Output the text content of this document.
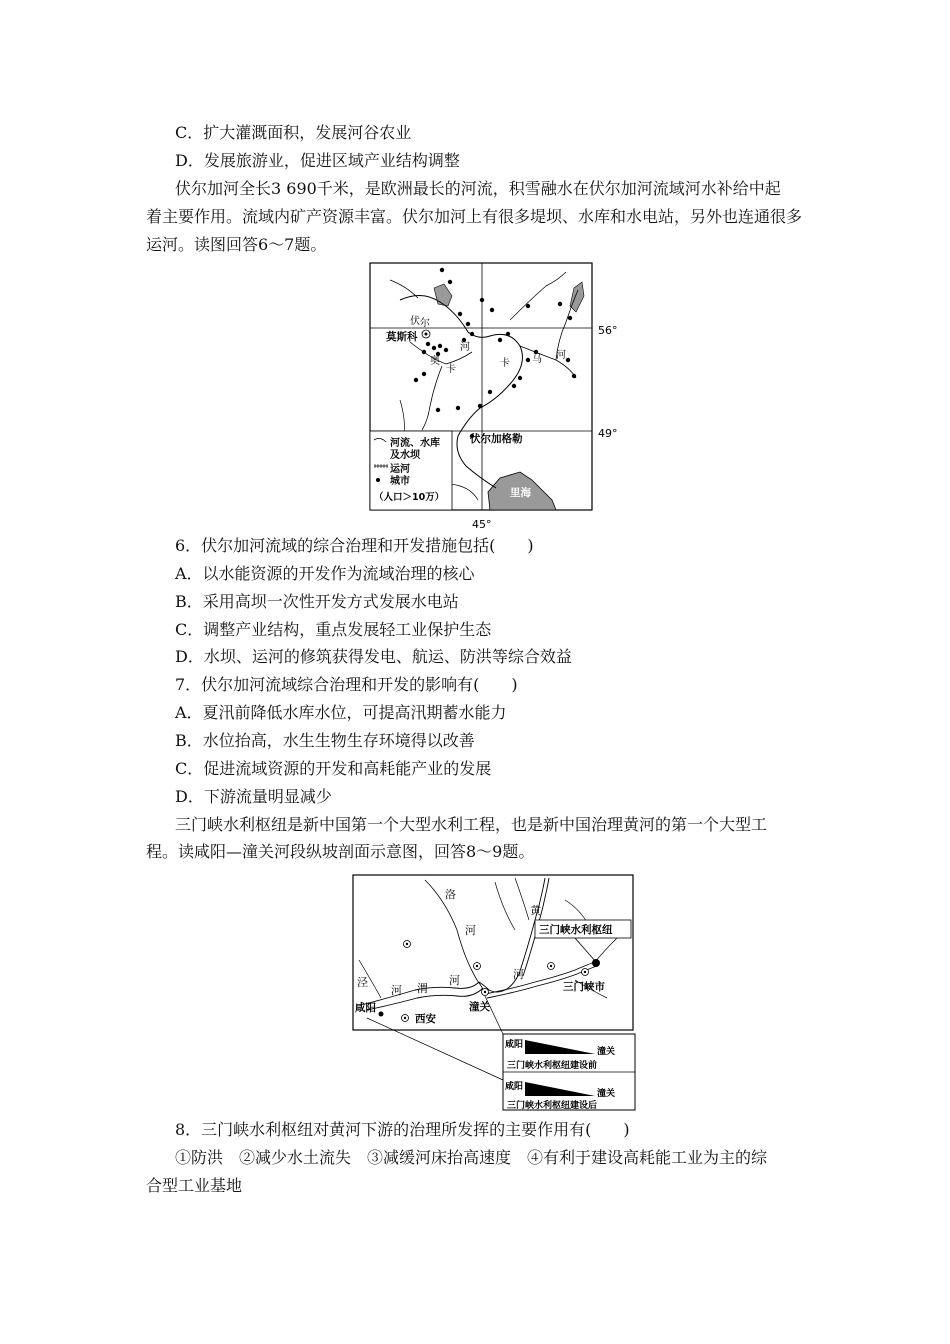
C．扩大灌溉面积，发展河谷农业
D．发展旅游业，促进区域产业结构调整
伏尔加河全长3 690千米，是欧洲最长的河流，积雪融水在伏尔加河流域河水补给中起
着主要作用。流域内矿产资源丰富。伏尔加河上有很多堤坝、水库和水电站，另外也连通很多
运河。读图回答6～7题。
莫斯科
伏尔加格勒
里海
56°
49°
45°
伏 尔
河
奥
卡
卡 马 河
河流、水库
及水坝
运河
城市
（人口＞10万）
6．伏尔加河流域的综合治理和开发措施包括(　　)
A．以水能资源的开发作为流域治理的核心
B．采用高坝一次性开发方式发展水电站
C．调整产业结构，重点发展轻工业保护生态
D．水坝、运河的修筑获得发电、航运、防洪等综合效益
7．伏尔加河流域综合治理和开发的影响有(　　)
A．夏汛前降低水库水位，可提高汛期蓄水能力
B．水位抬高，水生生物生存环境得以改善
C．促进流域资源的开发和高耗能产业的发展
D．下游流量明显减少
三门峡水利枢纽是新中国第一个大型水利工程，也是新中国治理黄河的第一个大型工
程。读咸阳—潼关河段纵坡剖面示意图，回答8～9题。
三门峡水利枢纽
洛
河
黄
河
泾
河 渭
河	三门峡市
潼关
咸阳
西安
咸阳
潼关
三门峡水利枢纽建设前
咸阳
潼关
三门峡水利枢纽建设后
8．三门峡水利枢纽对黄河下游的治理所发挥的主要作用有(　　)
①防洪　②减少水土流失　③减缓河床抬高速度　④有利于建设高耗能工业为主的综
合型工业基地
